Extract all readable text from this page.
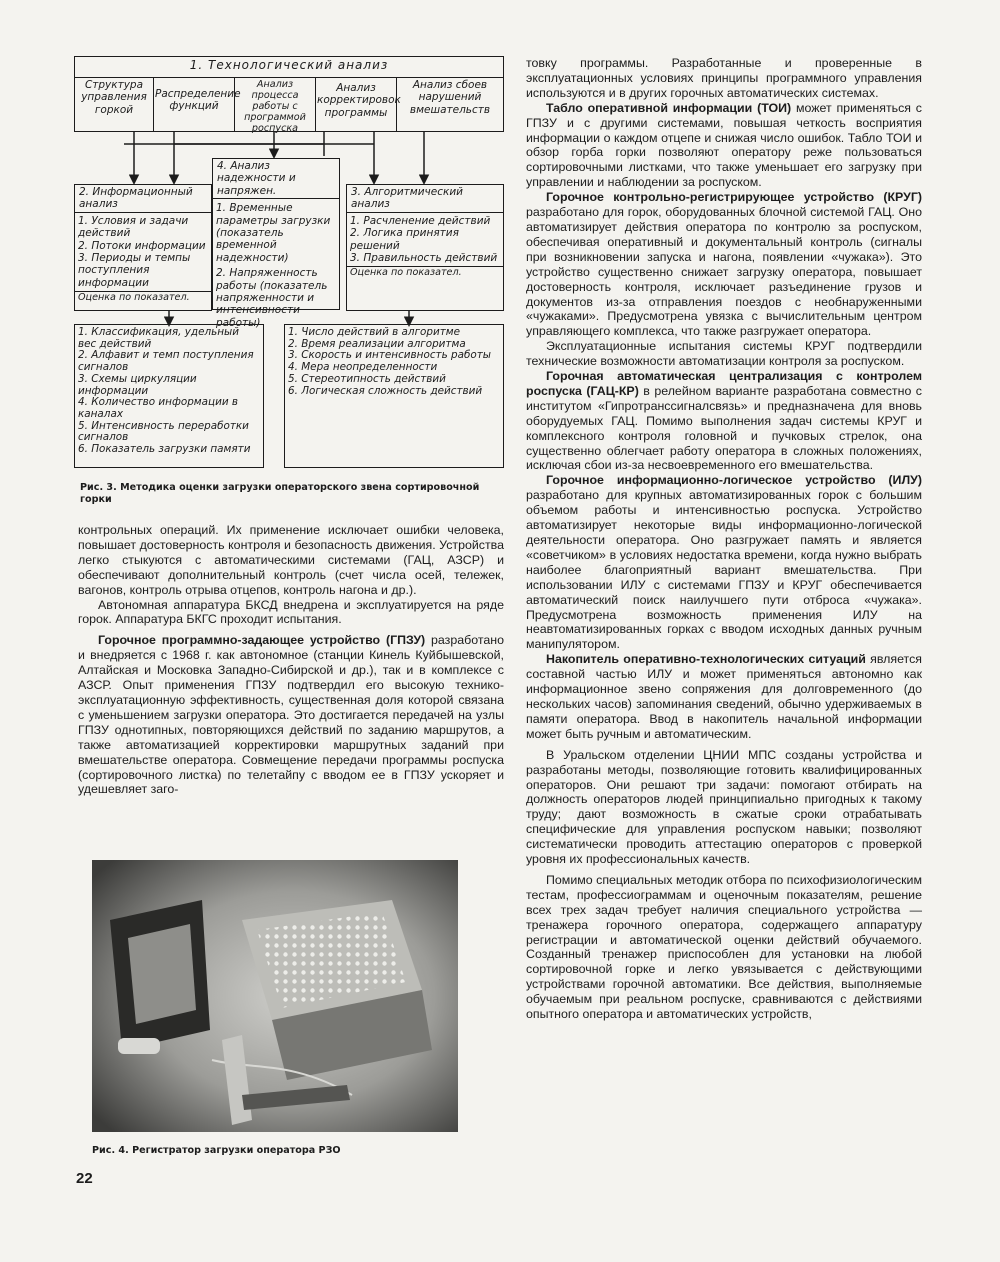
1. Технологический анализ
Структура управления горкой
Распределение функций
Анализ процесса работы с программой роспуска
Анализ корректировок программы
Анализ сбоев нарушений вмешательств
4. Анализ надежности и напряжен.
1. Временные параметры загрузки (показатель временной надежности)
2. Напряженность работы (показатель напряженности и интенсивности работы)
2. Информационный анализ
1. Условия и задачи действий
2. Потоки информации
3. Периоды и темпы поступления информации
Оценка по показател.
3. Алгоритмический анализ
1. Расчленение действий
2. Логика принятия решений
3. Правильность действий
Оценка по показател.
1. Классификация, удельный вес действий
2. Алфавит и темп поступления сигналов
3. Схемы циркуляции информации
4. Количество информации в каналах
5. Интенсивность переработки сигналов
6. Показатель загрузки памяти
1. Число действий в алгоритме
2. Время реализации алгоритма
3. Скорость и интенсивность работы
4. Мера неопределенности
5. Стереотипность действий
6. Логическая сложность действий
Рис. 3. Методика оценки загрузки операторского звена сортировочной горки

контрольных операций. Их применение исключает ошибки человека, повышает достоверность контроля и безопасность движения. Устройства легко стыкуются с автоматическими системами (ГАЦ, АЗСР) и обеспечивают дополнительный контроль (счет числа осей, тележек, вагонов, контроль отрыва отцепов, контроль нагона и др.).

Автономная аппаратура БКСД внедрена и эксплуатируется на ряде горок. Аппаратура БКГС проходит испытания.

Горочное программно-задающее устройство (ГПЗУ) разработано и внедряется с 1968 г. как автономное (станции Кинель Куйбышевской, Алтайская и Московка Западно-Сибирской и др.), так и в комплексе с АЗСР. Опыт применения ГПЗУ подтвердил его высокую технико-эксплуатационную эффективность, существенная доля которой связана с уменьшением загрузки оператора. Это достигается передачей на узлы ГПЗУ однотипных, повторяющихся действий по заданию маршрутов, а также автоматизацией корректировки маршрутных заданий при вмешательстве оператора. Совмещение передачи программы роспуска (сортировочного листка) по телетайпу с вводом ее в ГПЗУ ускоряет и удешевляет заго-

Рис. 4. Регистратор загрузки оператора РЗО
22

товку программы. Разработанные и проверенные в эксплуатационных условиях принципы программного управления используются и в других горочных автоматических системах.

Табло оперативной информации (ТОИ) может применяться с ГПЗУ и с другими системами, повышая четкость восприятия информации о каждом отцепе и снижая число ошибок. Табло ТОИ и обзор горба горки позволяют оператору реже пользоваться сортировочными листками, что также уменьшает его загрузку при управлении и наблюдении за роспуском.

Горочное контрольно-регистрирующее устройство (КРУГ) разработано для горок, оборудованных блочной системой ГАЦ. Оно автоматизирует действия оператора по контролю за роспуском, обеспечивая оперативный и документальный контроль (сигналы при возникновении запуска и нагона, появлении «чужака»). Это устройство существенно снижает загрузку оператора, повышает достоверность контроля, исключает разъединение грузов и документов из-за отправления поездов с необнаруженными «чужаками». Предусмотрена увязка с вычислительным центром управляющего комплекса, что также разгружает оператора.

Эксплуатационные испытания системы КРУГ подтвердили технические возможности автоматизации контроля за роспуском.

Горочная автоматическая централизация с контролем роспуска (ГАЦ-КР) в релейном варианте разработана совместно с институтом «Гипротранссигналсвязь» и предназначена для вновь оборудуемых ГАЦ. Помимо выполнения задач системы КРУГ и комплексного контроля головной и пучковых стрелок, она существенно облегчает работу оператора в сложных положениях, исключая сбои из-за несвоевременного его вмешательства.

Горочное информационно-логическое устройство (ИЛУ) разработано для крупных автоматизированных горок с большим объемом работы и интенсивностью роспуска. Устройство автоматизирует некоторые виды информационно-логической деятельности оператора. Оно разгружает память и является «советчиком» в условиях недостатка времени, когда нужно выбрать наиболее благоприятный вариант вмешательства. При использовании ИЛУ с системами ГПЗУ и КРУГ обеспечивается автоматический поиск наилучшего пути отброса «чужака». Предусмотрена возможность применения ИЛУ на неавтоматизированных горках с вводом исходных данных ручным манипулятором.

Накопитель оперативно-технологических ситуаций является составной частью ИЛУ и может применяться автономно как информационное звено сопряжения для долговременного (до нескольких часов) запоминания сведений, обычно удерживаемых в памяти оператора. Ввод в накопитель начальной информации может быть ручным и автоматическим.

В Уральском отделении ЦНИИ МПС созданы устройства и разработаны методы, позволяющие готовить квалифицированных операторов. Они решают три задачи: помогают отбирать на должность операторов людей принципиально пригодных к такому труду; дают возможность в сжатые сроки отрабатывать специфические для управления роспуском навыки; позволяют систематически проводить аттестацию операторов с проверкой уровня их профессиональных качеств.

Помимо специальных методик отбора по психофизиологическим тестам, профессиограммам и оценочным показателям, решение всех трех задач требует наличия специального устройства — тренажера горочного оператора, содержащего аппаратуру регистрации и автоматической оценки действий обучаемого. Созданный тренажер приспособлен для установки на любой сортировочной горке и легко увязывается с действующими устройствами горочной автоматики. Все действия, выполняемые обучаемым при реальном роспуске, сравниваются с действиями опытного оператора и автоматических устройств,
